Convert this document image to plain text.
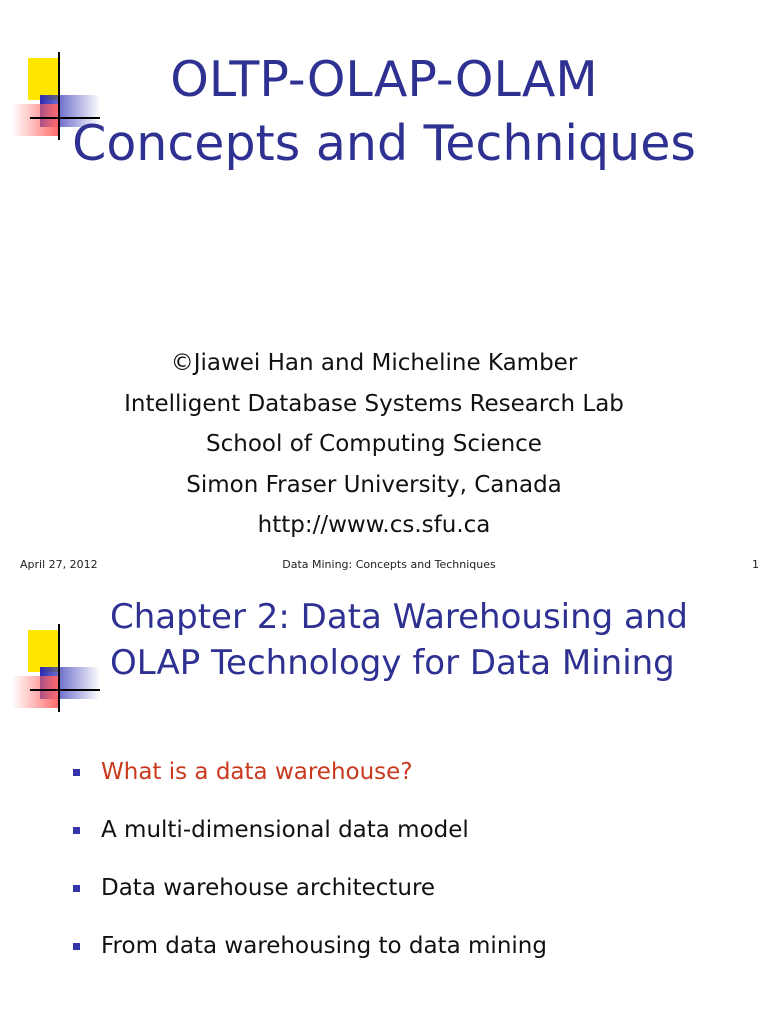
OLTP-OLAP-OLAM
Concepts and Techniques
©Jiawei Han and Micheline Kamber
Intelligent Database Systems Research Lab
School of Computing Science
Simon Fraser University, Canada
http://www.cs.sfu.ca
April 27, 2012	Data Mining: Concepts and Techniques	1
Chapter 2: Data Warehousing and
OLAP Technology for Data Mining
What is a data warehouse?
A multi-dimensional data model
Data warehouse architecture
From data warehousing to data mining
